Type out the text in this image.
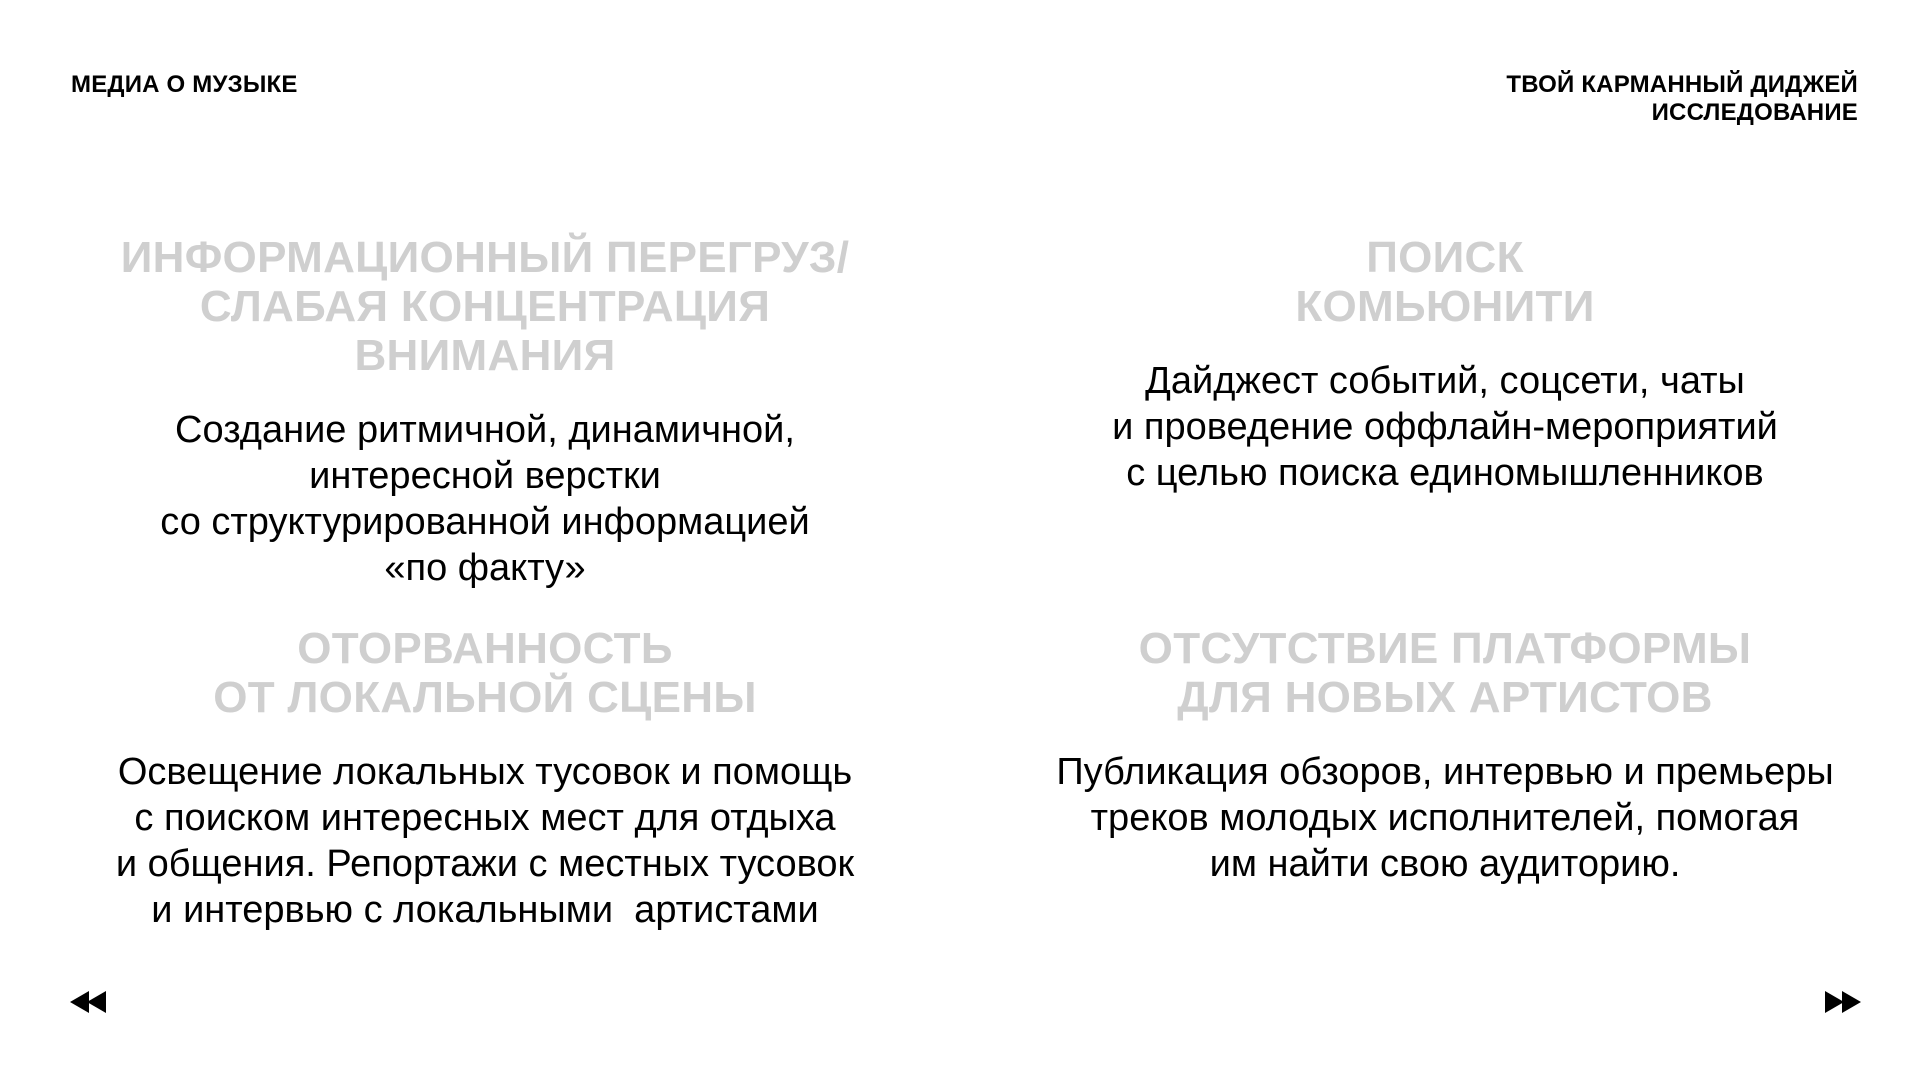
МЕДИА О МУЗЫКЕ	ТВОЙ КАРМАННЫЙ ДИДЖЕЙ
ИССЛЕДОВАНИЕ
ИНФОРМАЦИОННЫЙ ПЕРЕГРУЗ/
СЛАБАЯ КОНЦЕНТРАЦИЯ ВНИМАНИЯ
Создание ритмичной, динамичной,
интересной верстки
со структурированной информацией
«по факту»
ПОИСК
КОМЬЮНИТИ
Дайджест событий, соцсети, чаты
и проведение оффлайн-мероприятий
с целью поиска единомышленников
ОТОРВАННОСТЬ
ОТ ЛОКАЛЬНОЙ СЦЕНЫ
Освещение локальных тусовок и помощь
с поиском интересных мест для отдыха
и общения. Репортажи с местных тусовок
и интервью с локальными  артистами
ОТСУТСТВИЕ ПЛАТФОРМЫ
ДЛЯ НОВЫХ АРТИСТОВ
Публикация обзоров, интервью и премьеры
треков молодых исполнителей, помогая
им найти свою аудиторию.
